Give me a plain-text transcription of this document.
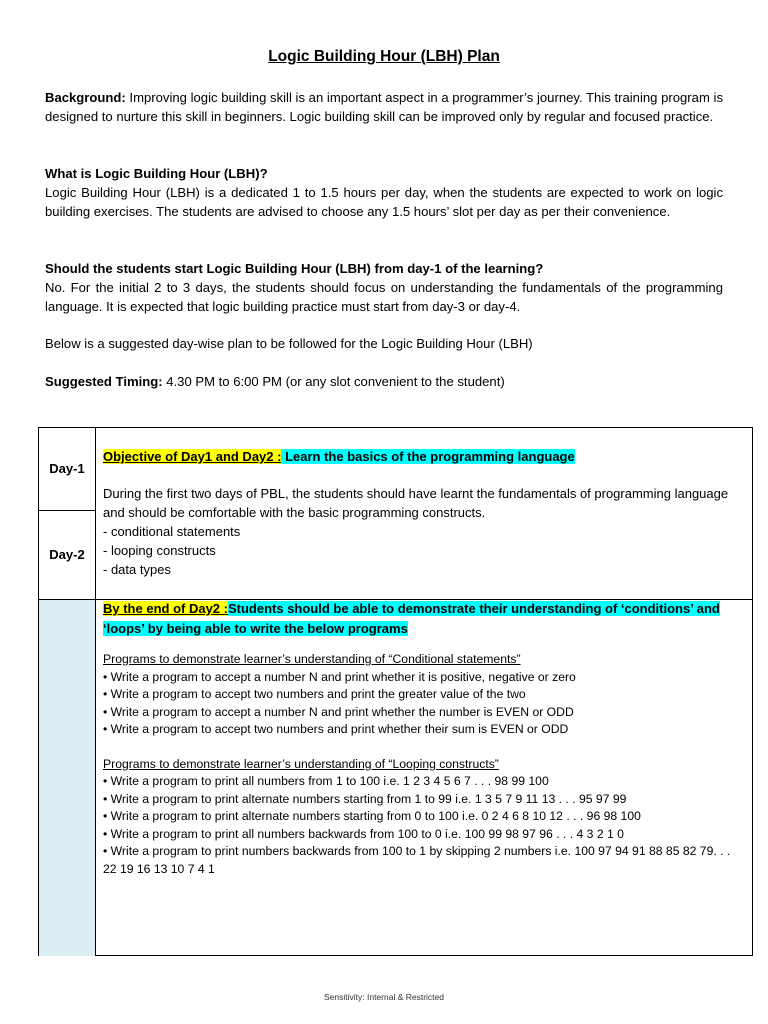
Logic Building Hour (LBH) Plan
Background: Improving logic building skill is an important aspect in a programmer’s journey. This training program is designed to nurture this skill in beginners. Logic building skill can be improved only by regular and focused practice.
What is Logic Building Hour (LBH)?
Logic Building Hour (LBH) is a dedicated 1 to 1.5 hours per day, when the students are expected to work on logic building exercises. The students are advised to choose any 1.5 hours’ slot per day as per their convenience.
Should the students start Logic Building Hour (LBH) from day-1 of the learning?
No. For the initial 2 to 3 days, the students should focus on understanding the fundamentals of the programming language. It is expected that logic building practice must start from day-3 or day-4.
Below is a suggested day-wise plan to be followed for the Logic Building Hour (LBH)
Suggested Timing: 4.30 PM to 6:00 PM (or any slot convenient to the student)
Day-1
Day-2
Objective of Day1 and Day2 : Learn the basics of the programming language
During the first two days of PBL, the students should have learnt the fundamentals of programming language and should be comfortable with the basic programming constructs.
- conditional statements
- looping constructs
- data types
By the end of Day2 :Students should be able to demonstrate their understanding of ‘conditions’ and ‘loops’ by being able to write the below programs
Programs to demonstrate learner’s understanding of “Conditional statements”
• Write a program to accept a number N and print whether it is positive, negative or zero
• Write a program to accept two numbers and print the greater value of the two
• Write a program to accept a number N and print whether the number is EVEN or ODD
• Write a program to accept two numbers and print whether their sum is EVEN or ODD
Programs to demonstrate learner’s understanding of “Looping constructs”
• Write a program to print all numbers from 1 to 100 i.e. 1 2 3 4 5 6 7 . . . 98 99 100
• Write a program to print alternate numbers starting from 1 to 99 i.e. 1 3 5 7 9 11 13 . . . 95 97 99
• Write a program to print alternate numbers starting from 0 to 100 i.e. 0 2 4 6 8 10 12 . . . 96 98 100
• Write a program to print all numbers backwards from 100 to 0 i.e. 100 99 98 97 96 . . . 4 3 2 1 0
• Write a program to print numbers backwards from 100 to 1 by skipping 2 numbers i.e. 100 97 94 91 88 85 82 79. . . 22 19 16 13 10 7 4 1
Sensitivity: Internal & Restricted
